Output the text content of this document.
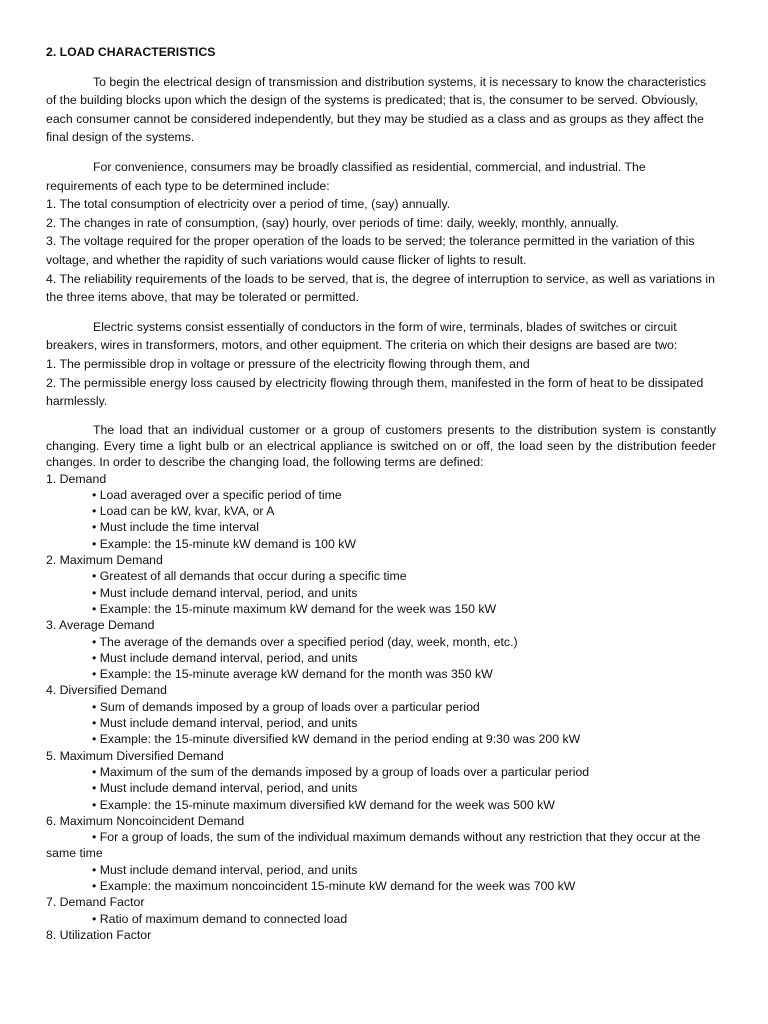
2. LOAD CHARACTERISTICS

To begin the electrical design of transmission and distribution systems, it is necessary to know the characteristics of the building blocks upon which the design of the systems is predicated; that is, the consumer to be served. Obviously, each consumer cannot be considered independently, but they may be studied as a class and as groups as they affect the final design of the systems.

For convenience, consumers may be broadly classified as residential, commercial, and industrial. The requirements of each type to be determined include:

1. The total consumption of electricity over a period of time, (say) annually.
2. The changes in rate of consumption, (say) hourly, over periods of time: daily, weekly, monthly, annually.
3. The voltage required for the proper operation of the loads to be served; the tolerance permitted in the variation of this voltage, and whether the rapidity of such variations would cause flicker of lights to result.
4. The reliability requirements of the loads to be served, that is, the degree of interruption to service, as well as variations in the three items above, that may be tolerated or permitted.

Electric systems consist essentially of conductors in the form of wire, terminals, blades of switches or circuit breakers, wires in transformers, motors, and other equipment. The criteria on which their designs are based are two:

1. The permissible drop in voltage or pressure of the electricity flowing through them, and
2. The permissible energy loss caused by electricity flowing through them, manifested in the form of heat to be dissipated harmlessly.

The load that an individual customer or a group of customers presents to the distribution system is constantly changing. Every time a light bulb or an electrical appliance is switched on or off, the load seen by the distribution feeder changes. In order to describe the changing load, the following terms are defined:

1. Demand
• Load averaged over a specific period of time
• Load can be kW, kvar, kVA, or A
• Must include the time interval
• Example: the 15-minute kW demand is 100 kW
2. Maximum Demand
• Greatest of all demands that occur during a specific time
• Must include demand interval, period, and units
• Example: the 15-minute maximum kW demand for the week was 150 kW
3. Average Demand
• The average of the demands over a specified period (day, week, month, etc.)
• Must include demand interval, period, and units
• Example: the 15-minute average kW demand for the month was 350 kW
4. Diversified Demand
• Sum of demands imposed by a group of loads over a particular period
• Must include demand interval, period, and units
• Example: the 15-minute diversified kW demand in the period ending at 9:30 was 200 kW
5. Maximum Diversified Demand
• Maximum of the sum of the demands imposed by a group of loads over a particular period
• Must include demand interval, period, and units
• Example: the 15-minute maximum diversified kW demand for the week was 500 kW
6. Maximum Noncoincident Demand
• For a group of loads, the sum of the individual maximum demands without any restriction that they occur at the same time
• Must include demand interval, period, and units
• Example: the maximum noncoincident 15-minute kW demand for the week was 700 kW
7. Demand Factor
• Ratio of maximum demand to connected load
8. Utilization Factor
